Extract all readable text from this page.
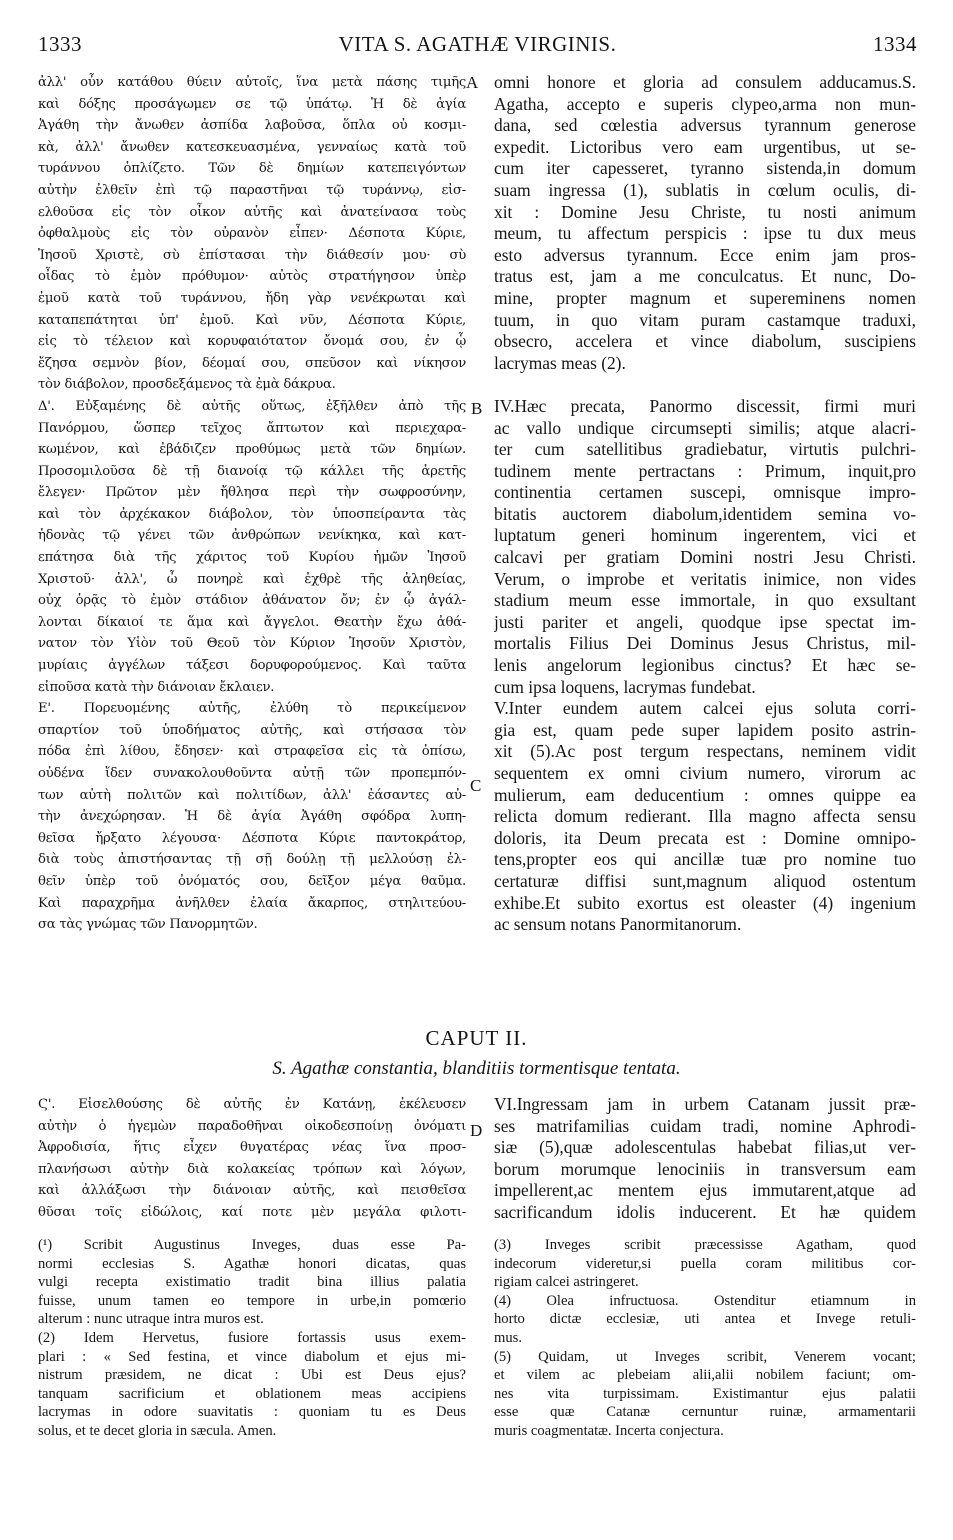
1333	VITA S. AGATHÆ VIRGINIS.	1334
A
B
C
D
ἀλλ' οὖν κατάθου θύειν αὐτοῖς, ἵνα μετὰ πάσης τιμῆς
καὶ δόξης προσάγωμεν σε τῷ ὑπάτῳ. Ἡ δὲ ἁγία
Ἀγάθη τὴν ἄνωθεν ἀσπίδα λαβοῦσα, ὅπλα οὐ κοσμι-
κὰ, ἀλλ' ἄνωθεν κατεσκευασμένα, γενναίως κατὰ τοῦ
τυράννου ὁπλίζετο. Τῶν δὲ δημίων κατεπειγόντων
αὐτὴν ἐλθεῖν ἐπὶ τῷ παραστῆναι τῷ τυράννῳ, εἰσ-
ελθοῦσα εἰς τὸν οἶκον αὐτῆς καὶ ἀνατείνασα τοὺς
ὀφθαλμοὺς εἰς τὸν οὐρανὸν εἶπεν· Δέσποτα Κύριε,
Ἰησοῦ Χριστὲ, σὺ ἐπίστασαι τὴν διάθεσίν μου· σὺ
οἶδας τὸ ἐμὸν πρόθυμον· αὐτὸς στρατήγησον ὑπὲρ
ἐμοῦ κατὰ τοῦ τυράννου, ἤδη γὰρ νενέκρωται καὶ
καταπεπάτηται ὑπ' ἐμοῦ. Καὶ νῦν, Δέσποτα Κύριε,
εἰς τὸ τέλειον καὶ κορυφαιότατον ὄνομά σου, ἐν ᾧ
ἔζησα σεμνὸν βίον, δέομαί σου, σπεῦσον καὶ νίκησον
τὸν διάβολον, προσδεξάμενος τὰ ἐμὰ δάκρυα.
Δ'. Εὐξαμένης δὲ αὐτῆς οὕτως, ἐξῆλθεν ἀπὸ τῆς
Πανόρμου, ὥσπερ τεῖχος ἄπτωτον καὶ περιεχαρα-
κωμένον, καὶ ἐβάδιζεν προθύμως μετὰ τῶν δημίων.
Προσομιλοῦσα δὲ τῇ διανοίᾳ τῷ κάλλει τῆς ἀρετῆς
ἔλεγεν· Πρῶτον μὲν ἤθλησα περὶ τὴν σωφροσύνην,
καὶ τὸν ἀρχέκακον διάβολον, τὸν ὑποσπείραντα τὰς
ἡδονὰς τῷ γένει τῶν ἀνθρώπων νενίκηκα, καὶ κατ-
επάτησα διὰ τῆς χάριτος τοῦ Κυρίου ἡμῶν Ἰησοῦ
Χριστοῦ· ἀλλ', ὦ πονηρὲ καὶ ἐχθρὲ τῆς ἀληθείας,
οὐχ ὁρᾷς τὸ ἐμὸν στάδιον ἀθάνατον ὄν; ἐν ᾧ ἀγάλ-
λονται δίκαιοί τε ἅμα καὶ ἄγγελοι. Θεατὴν ἔχω ἀθά-
νατον τὸν Υἱὸν τοῦ Θεοῦ τὸν Κύριον Ἰησοῦν Χριστὸν,
μυρίαις ἀγγέλων τάξεσι δορυφορούμενος. Καὶ ταῦτα
εἰποῦσα κατὰ τὴν διάνοιαν ἔκλαιεν.
Ε'. Πορευομένης αὐτῆς, ἐλύθη τὸ περικείμενον
σπαρτίον τοῦ ὑποδήματος αὐτῆς, καὶ στήσασα τὸν
πόδα ἐπὶ λίθου, ἔδησεν· καὶ στραφεῖσα εἰς τὰ ὀπίσω,
οὐδένα ἴδεν συνακολουθοῦντα αὐτῇ τῶν προπεμπόν-
των αὐτὴ πολιτῶν καὶ πολιτίδων, ἀλλ' ἐάσαντες αὐ-
τὴν ἀνεχώρησαν. Ἡ δὲ ἁγία Ἀγάθη σφόδρα λυπη-
θεῖσα ἤρξατο λέγουσα· Δέσποτα Κύριε παντοκράτορ,
διὰ τοὺς ἀπιστήσαντας τῇ σῇ δούλῃ τῇ μελλούσῃ ἐλ-
θεῖν ὑπὲρ τοῦ ὀνόματός σου, δεῖξον μέγα θαῦμα.
Καὶ παραχρῆμα ἀνῆλθεν ἐλαία ἄκαρπος, στηλιτεύου-
σα τὰς γνώμας τῶν Πανορμητῶν.
omni honore et gloria ad consulem adducamus.S.
Agatha, accepto e superis clypeo,arma non mun-
dana, sed cœlestia adversus tyrannum generose
expedit. Lictoribus vero eam urgentibus, ut se-
cum iter capesseret, tyranno sistenda,in domum
suam ingressa (1), sublatis in cœlum oculis, di-
xit : Domine Jesu Christe, tu nosti animum
meum, tu affectum perspicis : ipse tu dux meus
esto adversus tyrannum. Ecce enim jam pros-
tratus est, jam a me conculcatus. Et nunc, Do-
mine, propter magnum et supereminens nomen
tuum, in quo vitam puram castamque traduxi,
obsecro, accelera et vince diabolum, suscipiens
lacrymas meas (2).
IV.Hæc precata, Panormo discessit, firmi muri
ac vallo undique circumsepti similis; atque alacri-
ter cum satellitibus gradiebatur, virtutis pulchri-
tudinem mente pertractans : Primum, inquit,pro
continentia certamen suscepi, omnisque impro-
bitatis auctorem diabolum,identidem semina vo-
luptatum generi hominum ingerentem, vici et
calcavi per gratiam Domini nostri Jesu Christi.
Verum, o improbe et veritatis inimice, non vides
stadium meum esse immortale, in quo exsultant
justi pariter et angeli, quodque ipse spectat im-
mortalis Filius Dei Dominus Jesus Christus, mil-
lenis angelorum legionibus cinctus? Et hæc se-
cum ipsa loquens, lacrymas fundebat.
V.Inter eundem autem calcei ejus soluta corri-
gia est, quam pede super lapidem posito astrin-
xit (5).Ac post tergum respectans, neminem vidit
sequentem ex omni civium numero, virorum ac
mulierum, eam deducentium : omnes quippe ea
relicta domum redierant. Illa magno affecta sensu
doloris, ita Deum precata est : Domine omnipo-
tens,propter eos qui ancillæ tuæ pro nomine tuo
certaturæ diffisi sunt,magnum aliquod ostentum
exhibe.Et subito exortus est oleaster (4) ingenium
ac sensum notans Panormitanorum.
CAPUT II.
S. Agathæ constantia, blanditiis tormentisque tentata.
Ϛ'. Εἰσελθούσης δὲ αὐτῆς ἐν Κατάνῃ, ἐκέλευσεν
αὐτὴν ὁ ἡγεμὼν παραδοθῆναι οἰκοδεσποίνῃ ὀνόματι
Ἀφροδισία, ἥτις εἶχεν θυγατέρας νέας ἵνα προσ-
πλανήσωσι αὐτὴν διὰ κολακείας τρόπων καὶ λόγων,
καὶ ἀλλάξωσι τὴν διάνοιαν αὐτῆς, καὶ πεισθεῖσα
θῦσαι τοῖς εἰδώλοις, καί ποτε μὲν μεγάλα φιλοτι-
VI.Ingressam jam in urbem Catanam jussit præ-
ses matrifamilias cuidam tradi, nomine Aphrodi-
siæ (5),quæ adolescentulas habebat filias,ut ver-
borum morumque lenociniis in transversum eam
impellerent,ac mentem ejus immutarent,atque ad
sacrificandum idolis inducerent. Et hæ quidem
(¹) Scribit Augustinus Inveges, duas esse Pa-
normi ecclesias S. Agathæ honori dicatas, quas
vulgi recepta existimatio tradit bina illius palatia
fuisse, unum tamen eo tempore in urbe,in pomœrio
alterum : nunc utraque intra muros est.
(2) Idem Hervetus, fusiore fortassis usus exem-
plari : « Sed festina, et vince diabolum et ejus mi-
nistrum præsidem, ne dicat : Ubi est Deus ejus?
tanquam sacrificium et oblationem meas accipiens
lacrymas in odore suavitatis : quoniam tu es Deus
solus, et te decet gloria in sæcula. Amen.
(3) Inveges scribit præcessisse Agatham, quod
indecorum videretur,si puella coram militibus cor-
rigiam calcei astringeret.
(4) Olea infructuosa. Ostenditur etiamnum in
horto dictæ ecclesiæ, uti antea et Invege retuli-
mus.
(5) Quidam, ut Inveges scribit, Venerem vocant;
et vilem ac plebeiam alii,alii nobilem faciunt; om-
nes vita turpissimam. Existimantur ejus palatii
esse quæ Catanæ cernuntur ruinæ, armamentarii
muris coagmentatæ. Incerta conjectura.
